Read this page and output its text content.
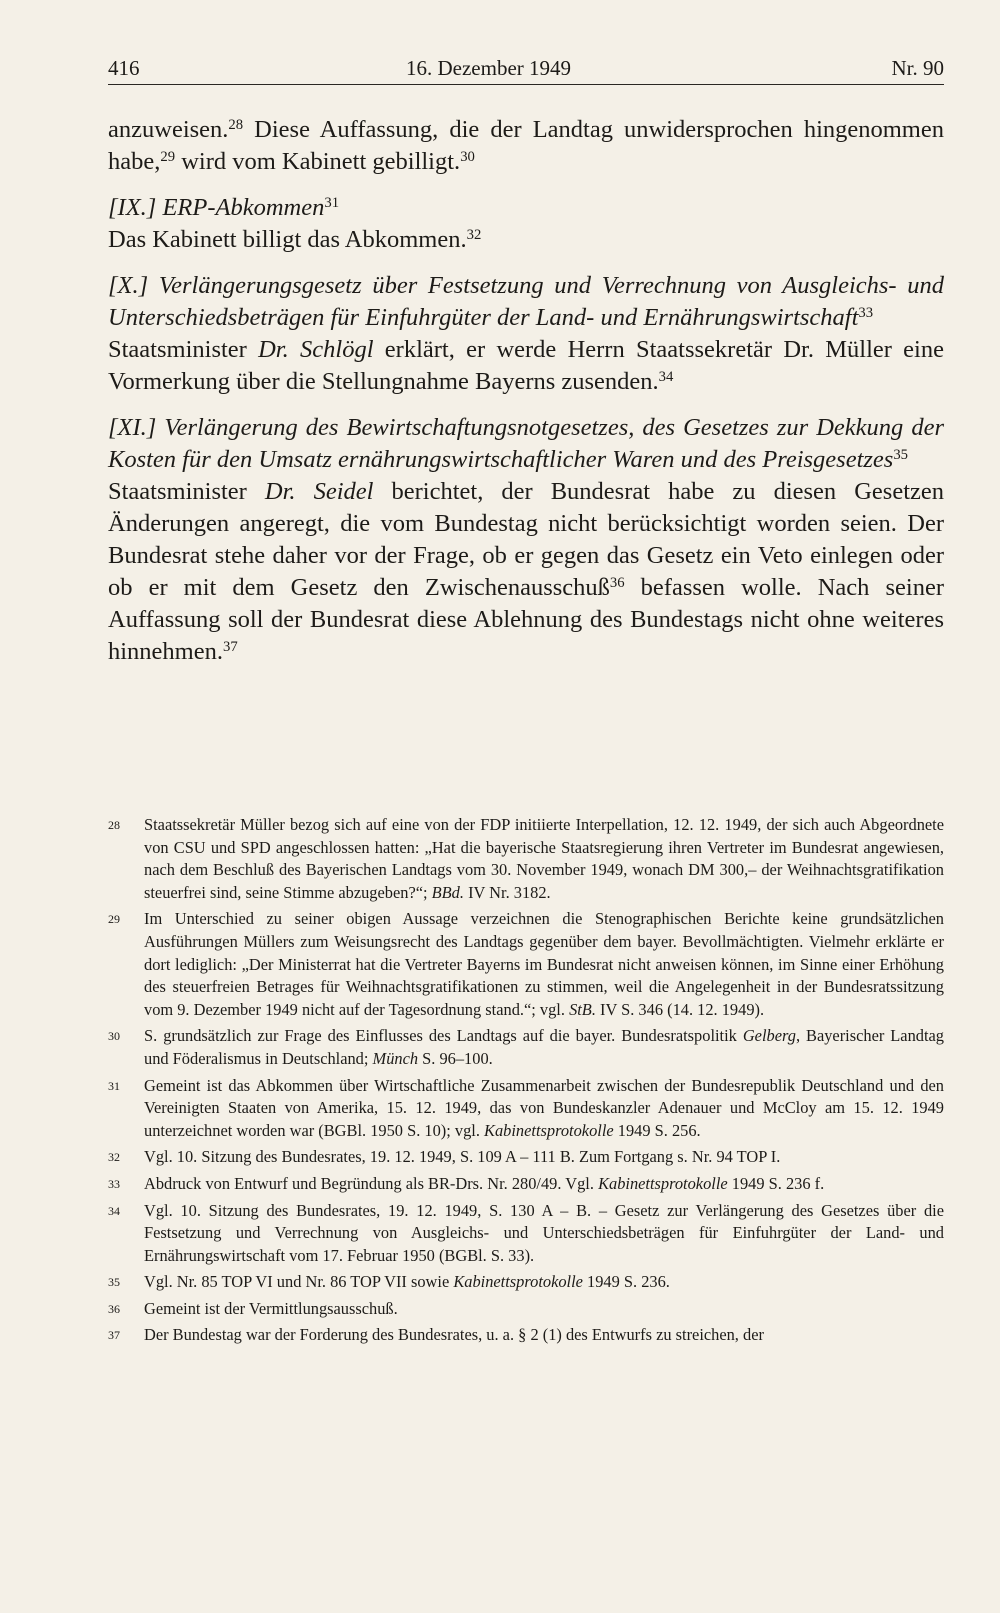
416	16. Dezember 1949	Nr. 90

anzuweisen.$^{28}$ Diese Auffassung, die der Landtag unwidersprochen hingenommen habe,$^{29}$ wird vom Kabinett gebilligt.$^{30}$

[IX.] ERP-Abkommen$^{31}$

Das Kabinett billigt das Abkommen.$^{32}$

[X.] Verlängerungsgesetz über Festsetzung und Verrechnung von Ausgleichs- und Unterschiedsbeträgen für Einfuhrgüter der Land- und Ernährungswirtschaft$^{33}$

Staatsminister Dr. Schlögl erklärt, er werde Herrn Staatssekretär Dr. Müller eine Vormerkung über die Stellungnahme Bayerns zusenden.$^{34}$

[XI.] Verlängerung des Bewirtschaftungsnotgesetzes, des Gesetzes zur Dekkung der Kosten für den Umsatz ernährungswirtschaftlicher Waren und des Preisgesetzes$^{35}$

Staatsminister Dr. Seidel berichtet, der Bundesrat habe zu diesen Gesetzen Änderungen angeregt, die vom Bundestag nicht berücksichtigt worden seien. Der Bundesrat stehe daher vor der Frage, ob er gegen das Gesetz ein Veto einlegen oder ob er mit dem Gesetz den Zwischenausschuß$^{36}$ befassen wolle. Nach seiner Auffassung soll der Bundesrat diese Ablehnung des Bundestags nicht ohne weiteres hinnehmen.$^{37}$

28 Staatssekretär Müller bezog sich auf eine von der FDP initiierte Interpellation, 12. 12. 1949, der sich auch Abgeordnete von CSU und SPD angeschlossen hatten: „Hat die bayerische Staatsregierung ihren Vertreter im Bundesrat angewiesen, nach dem Beschluß des Bayerischen Landtags vom 30. November 1949, wonach DM 300,– der Weihnachtsgratifikation steuerfrei sind, seine Stimme abzugeben?“; BBd. IV Nr. 3182.
29 Im Unterschied zu seiner obigen Aussage verzeichnen die Stenographischen Berichte keine grundsätzlichen Ausführungen Müllers zum Weisungsrecht des Landtags gegenüber dem bayer. Bevollmächtigten. Vielmehr erklärte er dort lediglich: „Der Ministerrat hat die Vertreter Bayerns im Bundesrat nicht anweisen können, im Sinne einer Erhöhung des steuerfreien Betrages für Weihnachtsgratifikationen zu stimmen, weil die Angelegenheit in der Bundesratssitzung vom 9. Dezember 1949 nicht auf der Tagesordnung stand.“; vgl. StB. IV S. 346 (14. 12. 1949).
30 S. grundsätzlich zur Frage des Einflusses des Landtags auf die bayer. Bundesratspolitik Gelberg, Bayerischer Landtag und Föderalismus in Deutschland; Münch S. 96–100.
31 Gemeint ist das Abkommen über Wirtschaftliche Zusammenarbeit zwischen der Bundesrepublik Deutschland und den Vereinigten Staaten von Amerika, 15. 12. 1949, das von Bundeskanzler Adenauer und McCloy am 15. 12. 1949 unterzeichnet worden war (BGBl. 1950 S. 10); vgl. Kabinettsprotokolle 1949 S. 256.
32 Vgl. 10. Sitzung des Bundesrates, 19. 12. 1949, S. 109 A – 111 B. Zum Fortgang s. Nr. 94 TOP I.
33 Abdruck von Entwurf und Begründung als BR-Drs. Nr. 280/49. Vgl. Kabinettsprotokolle 1949 S. 236 f.
34 Vgl. 10. Sitzung des Bundesrates, 19. 12. 1949, S. 130 A – B. – Gesetz zur Verlängerung des Gesetzes über die Festsetzung und Verrechnung von Ausgleichs- und Unterschiedsbeträgen für Einfuhrgüter der Land- und Ernährungswirtschaft vom 17. Februar 1950 (BGBl. S. 33).
35 Vgl. Nr. 85 TOP VI und Nr. 86 TOP VII sowie Kabinettsprotokolle 1949 S. 236.
36 Gemeint ist der Vermittlungsausschuß.
37 Der Bundestag war der Forderung des Bundesrates, u. a. § 2 (1) des Entwurfs zu streichen, der
